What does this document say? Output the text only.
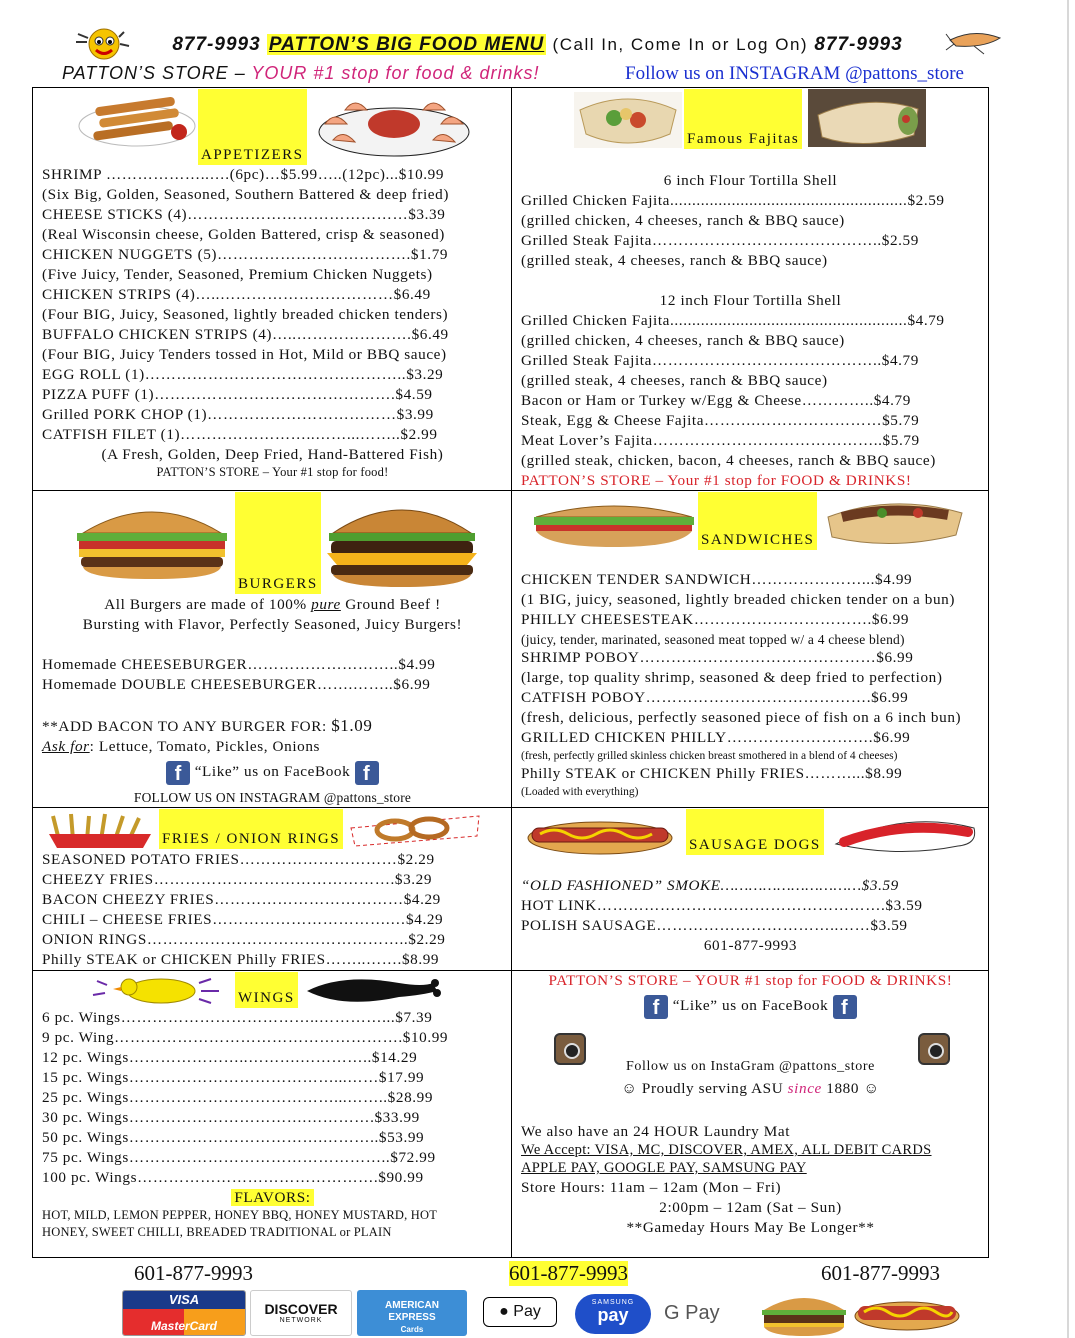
877-9993 PATTON’S BIG FOOD MENU (Call In, Come In or Log On) 877-9993
PATTON’S STORE – YOUR #1 stop for food & drinks!	Follow us on INSTAGRAM @pattons_store
APPETIZERS
SHRIMP ………………..….(6pc)…$5.99…..(12pc)...$10.99
(Six Big, Golden, Seasoned, Southern Battered & deep fried)
CHEESE STICKS (4)……………………………………$3.39
(Real Wisconsin cheese, Golden Battered, crisp & seasoned)
CHICKEN NUGGETS (5)……………………………….$1.79
(Five Juicy, Tender, Seasoned, Premium Chicken Nuggets)
CHICKEN STRIPS (4)…..……………………………$6.49
(Four BIG, Juicy, Seasoned, lightly breaded chicken tenders)
BUFFALO CHICKEN STRIPS (4)…..………………….$6.49
(Four BIG, Juicy Tenders tossed in Hot, Mild or BBQ sauce)
EGG ROLL (1)…………………………………………..$3.29
PIZZA PUFF (1)……………………………………….$4.59
Grilled PORK CHOP (1)………………………………$3.99
CATFISH FILET (1)……………………..……...……..$2.99
(A Fresh, Golden, Deep Fried, Hand-Battered Fish)
PATTON’S STORE – Your #1 stop for food!
Famous Fajitas
6 inch Flour Tortilla Shell
Grilled Chicken Fajita......................................................$2.59
(grilled chicken, 4 cheeses, ranch & BBQ sauce)
Grilled Steak Fajita……………………………………..$2.59
(grilled steak, 4 cheeses, ranch & BBQ sauce)
12 inch Flour Tortilla Shell
Grilled Chicken Fajita......................................................$4.79
(grilled chicken, 4 cheeses, ranch & BBQ sauce)
Grilled Steak Fajita……………………………………..$4.79
(grilled steak, 4 cheeses, ranch & BBQ sauce)
Bacon or Ham or Turkey w/Egg & Cheese…………..$4.79
Steak, Egg & Cheese Fajita……….……………………$5.79
Meat Lover’s Fajita……………………………………..$5.79
(grilled steak, chicken, bacon, 4 cheeses, ranch & BBQ sauce)
PATTON’S STORE – Your #1 stop for FOOD & DRINKS!
BURGERS
All Burgers are made of 100% pure Ground Beef !
Bursting with Flavor, Perfectly Seasoned, Juicy Burgers!
Homemade CHEESEBURGER………………………..$4.99
Homemade DOUBLE CHEESEBURGER…….……..$6.99
**ADD BACON TO ANY BURGER FOR: $1.09
Ask for: Lettuce, Tomato, Pickles, Onions
f “Like” us on FaceBook f
FOLLOW US ON INSTAGRAM @pattons_store
SANDWICHES
CHICKEN TENDER SANDWICH…………………...$4.99
(1 BIG, juicy, seasoned, lightly breaded chicken tender on a bun)
PHILLY CHEESESTEAK…………………………….$6.99
(juicy, tender, marinated, seasoned meat topped w/ a 4 cheese blend)
SHRIMP POBOY………………………………………$6.99
(large, top quality shrimp, seasoned & deep fried to perfection)
CATFISH POBOY…………………………………….$6.99
(fresh, delicious, perfectly seasoned piece of fish on a 6 inch bun)
GRILLED CHICKEN PHILLY……………………….$6.99
(fresh, perfectly grilled skinless chicken breast smothered in a blend of 4 cheeses)
Philly STEAK or CHICKEN Philly FRIES………...$8.99
(Loaded with everything)
FRIES / ONION RINGS
SEASONED POTATO FRIES…………………………$2.29
CHEEZY FRIES……………………………………….$3.29
BACON CHEEZY FRIES………………………………$4.29
CHILI – CHEESE FRIES…………………………….…$4.29
ONION RINGS…………………………………………..$2.29
Philly STEAK or CHICKEN Philly FRIES……..…….$8.99
SAUSAGE DOGS
“OLD FASHIONED” SMOKE…………………………$3.59
HOT LINK……………………………………………….$3.59
POLISH SAUSAGE……………………………..……$3.59
601-877-9993
WINGS
6 pc. Wings………………………………..…………...$7.39
9 pc. Wing……………………………………………….$10.99
12 pc. Wings…………………..……….…………..$14.29
15 pc. Wings…………………………………...……$17.99
25 pc. Wings…………………………………...……..$28.99
30 pc. Wings…………………………….………….$33.99
50 pc. Wings……………………………….………..$53.99
75 pc. Wings…………………………………………..$72.99
100 pc. Wings……………………………………….$90.99
FLAVORS:
HOT, MILD, LEMON PEPPER, HONEY BBQ, HONEY MUSTARD, HOT
HONEY, SWEET CHILLI, BREADED TRADITIONAL or PLAIN
PATTON’S STORE – YOUR #1 stop for FOOD & DRINKS!
f “Like” us on FaceBook f
Follow us on InstaGram @pattons_store
☺ Proudly serving ASU since 1880 ☺
We also have an 24 HOUR Laundry Mat
We Accept: VISA, MC, DISCOVER, AMEX, ALL DEBIT CARDS
APPLE PAY, GOOGLE PAY, SAMSUNG PAY
Store Hours: 11am – 12am (Mon – Fri)
2:00pm – 12am (Sat – Sun)
**Gameday Hours May Be Longer**
601-877-9993	601-877-9993	601-877-9993
VISA
MasterCard
DISCOVER
NETWORK
AMERICAN
EXPRESS
Cards
● Pay
SAMSUNG
pay	G Pay
